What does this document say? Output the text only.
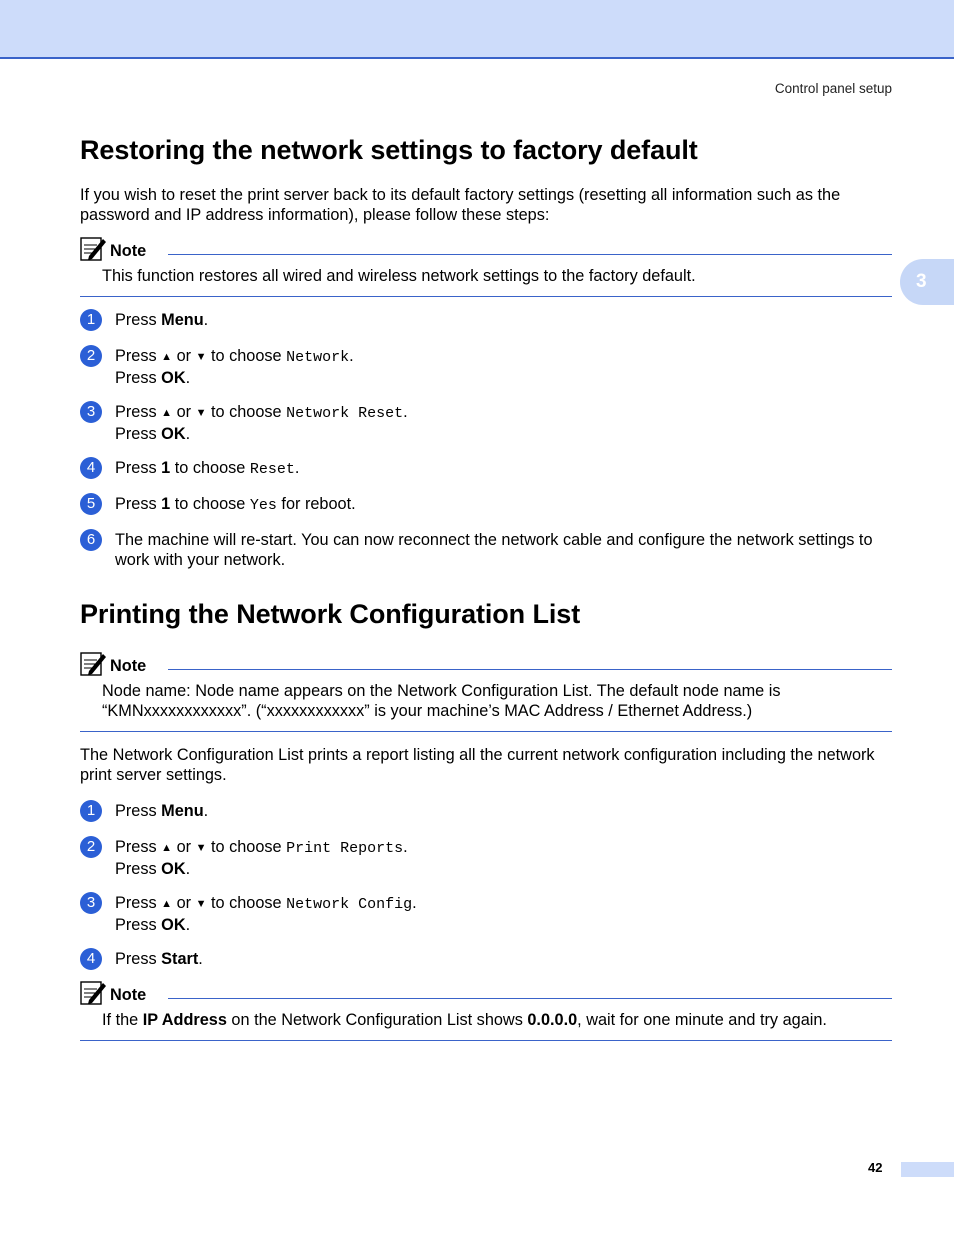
Control panel setup
3
Restoring the network settings to factory default

If you wish to reset the print server back to its default factory settings (resetting all information such as the password and IP address information), please follow these steps:

Note
This function restores all wired and wireless network settings to the factory default.
1	Press Menu.
2	Press ▲ or ▼ to choose Network.
Press OK.
3	Press ▲ or ▼ to choose Network Reset.
Press OK.
4	Press 1 to choose Reset.
5	Press 1 to choose Yes for reboot.
6	The machine will re-start. You can now reconnect the network cable and configure the network settings to work with your network.
Printing the Network Configuration List
Note
Node name: Node name appears on the Network Configuration List. The default node name is “KMNxxxxxxxxxxxx”. (“xxxxxxxxxxxx” is your machine’s MAC Address / Ethernet Address.)

The Network Configuration List prints a report listing all the current network configuration including the network print server settings.

1	Press Menu.
2	Press ▲ or ▼ to choose Print Reports.
Press OK.
3	Press ▲ or ▼ to choose Network Config.
Press OK.
4	Press Start.
Note
If the IP Address on the Network Configuration List shows 0.0.0.0, wait for one minute and try again.
42
